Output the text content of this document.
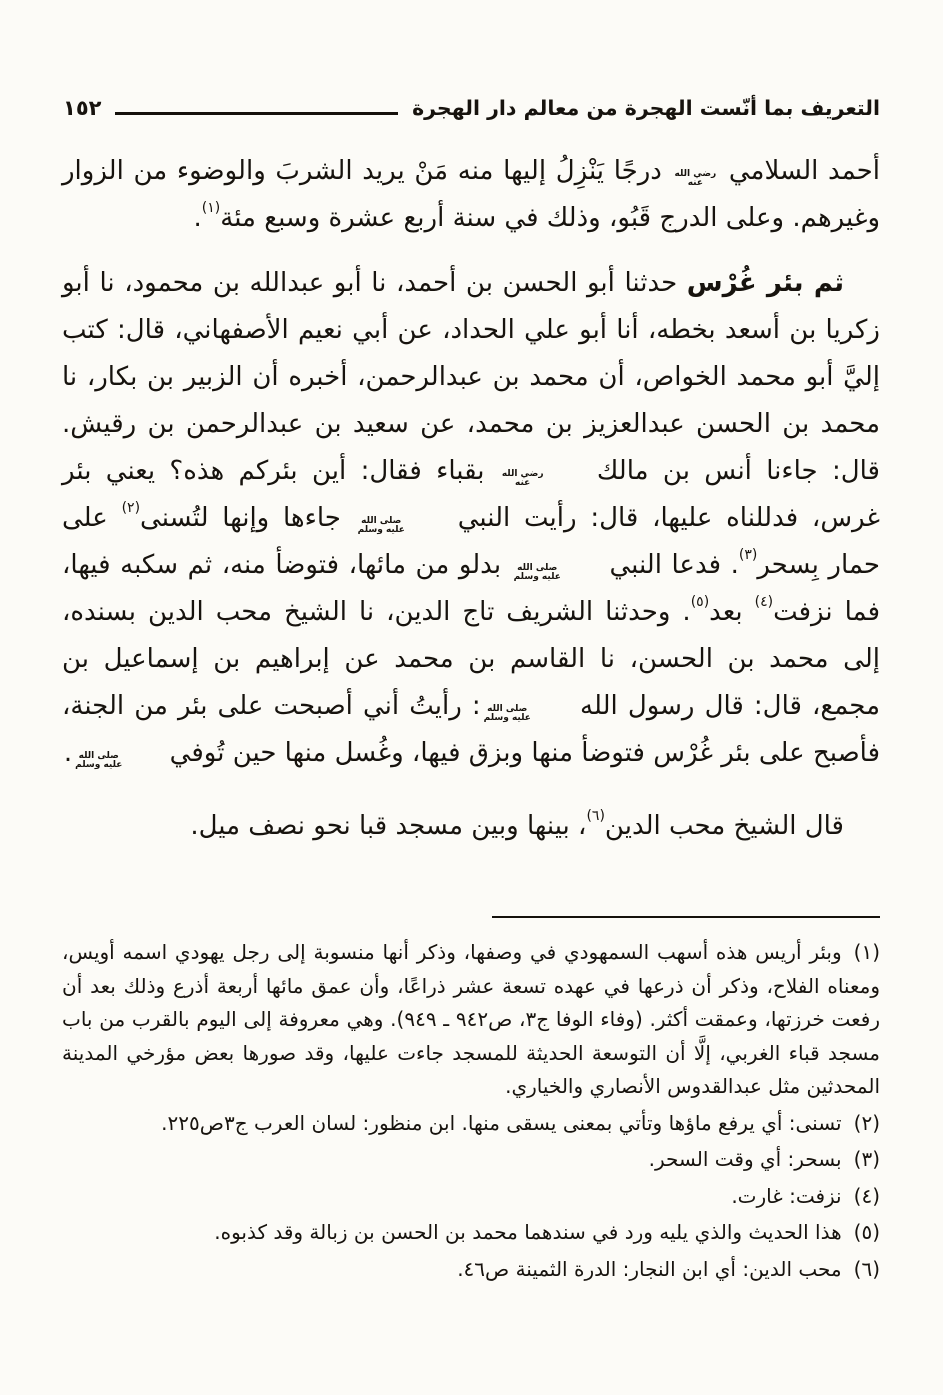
التعريف بما أنّست الهجرة من معالم دار الهجرة
١٥٢

أحمد السلامي
رضي الله
عنه
درجًا يَنْزِلُ إليها منه مَنْ يريد الشربَ والوضوء من الزوار وغيرهم. وعلى الدرج قَبُو، وذلك في سنة أربع عشرة وسبع مئة$^{(١)}$.

ثم بئر غُرْس حدثنا أبو الحسن بن أحمد، نا أبو عبدالله بن محمود، نا أبو زكريا بن أسعد بخطه، أنا أبو علي الحداد، عن أبي نعيم الأصفهاني، قال: كتب إليَّ أبو محمد الخواص، أن محمد بن عبدالرحمن، أخبره أن الزبير بن بكار، نا محمد بن الحسن عبدالعزيز بن محمد، عن سعيد بن عبدالرحمن بن رقيش. قال: جاءنا أنس بن مالك
رضي الله
عنه
بقباء فقال: أين بئركم هذه؟ يعني بئر غرس، فدللناه عليها، قال: رأيت النبي
صلى الله
عليه وسلم
جاءها وإنها لتُسنى$^{(٢)}$ على حمار بِسحر$^{(٣)}$. فدعا النبي
صلى الله
عليه وسلم
بدلو من مائها، فتوضأ منه، ثم سكبه فيها، فما نزفت$^{(٤)}$ بعد$^{(٥)}$. وحدثنا الشريف تاج الدين، نا الشيخ محب الدين بسنده، إلى محمد بن الحسن، نا القاسم بن محمد عن إبراهيم بن إسماعيل بن مجمع، قال: قال رسول الله
صلى الله
عليه وسلم
: رأيتُ أني أصبحت على بئر من الجنة، فأصبح على بئر غُرْس فتوضأ منها وبزق فيها، وغُسل منها حين تُوفي
صلى الله
عليه وسلم
.

قال الشيخ محب الدين$^{(٦)}$، بينها وبين مسجد قبا نحو نصف ميل.

(١)وبئر أريس هذه أسهب السمهودي في وصفها، وذكر أنها منسوبة إلى رجل يهودي اسمه أويس، ومعناه الفلاح، وذكر أن ذرعها في عهده تسعة عشر ذراعًا، وأن عمق مائها أربعة أذرع وذلك بعد أن رفعت خرزتها، وعمقت أكثر. (وفاء الوفا ج٣، ص٩٤٢ ـ ٩٤٩). وهي معروفة إلى اليوم بالقرب من باب مسجد قباء الغربي، إلَّا أن التوسعة الحديثة للمسجد جاءت عليها، وقد صورها بعض مؤرخي المدينة المحدثين مثل عبدالقدوس الأنصاري والخياري.
(٢)تسنى: أي يرفع ماؤها وتأتي بمعنى يسقى منها. ابن منظور: لسان العرب ج٣ص٢٢٥.
(٣)بسحر: أي وقت السحر.
(٤)نزفت: غارت.
(٥)هذا الحديث والذي يليه ورد في سندهما محمد بن الحسن بن زبالة وقد كذبوه.
(٦)محب الدين: أي ابن النجار: الدرة الثمينة ص٤٦.
